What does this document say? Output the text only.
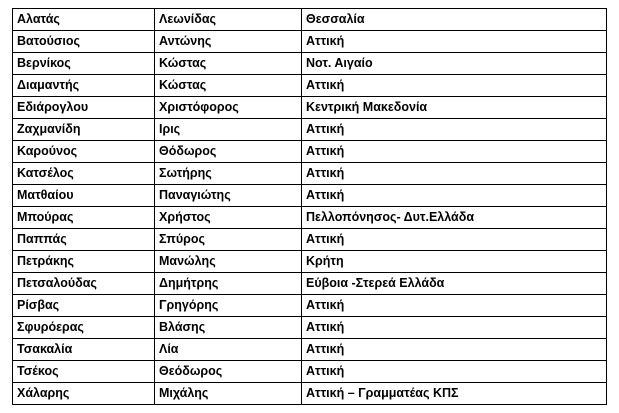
Αλατάς	Λεωνίδας	Θεσσαλία
Βατούσιος	Αντώνης	Αττική
Βερνίκος	Κώστας	Νοτ. Αιγαίο
Διαμαντής	Κώστας	Αττική
Εδιάρογλου	Χριστόφορος	Κεντρική Μακεδονία
Ζαχμανίδη	Ιρις	Αττική
Καρούνος	Θόδωρος	Αττική
Κατσέλος	Σωτήρης	Αττική
Ματθαίου	Παναγιώτης	Αττική
Μπούρας	Χρήστος	Πελλοπόνησος- Δυτ.Ελλάδα
Παππάς	Σπύρος	Αττική
Πετράκης	Μανώλης	Κρήτη
Πετσαλούδας	Δημήτρης	Εύβοια -Στερεά Ελλάδα
Ρίσβας	Γρηγόρης	Αττική
Σφυρόερας	Βλάσης	Αττική
Τσακαλία	Λία	Αττική
Τσέκος	Θεόδωρος	Αττική
Χάλαρης	Μιχάλης	Αττική – Γραμματέας ΚΠΣ
